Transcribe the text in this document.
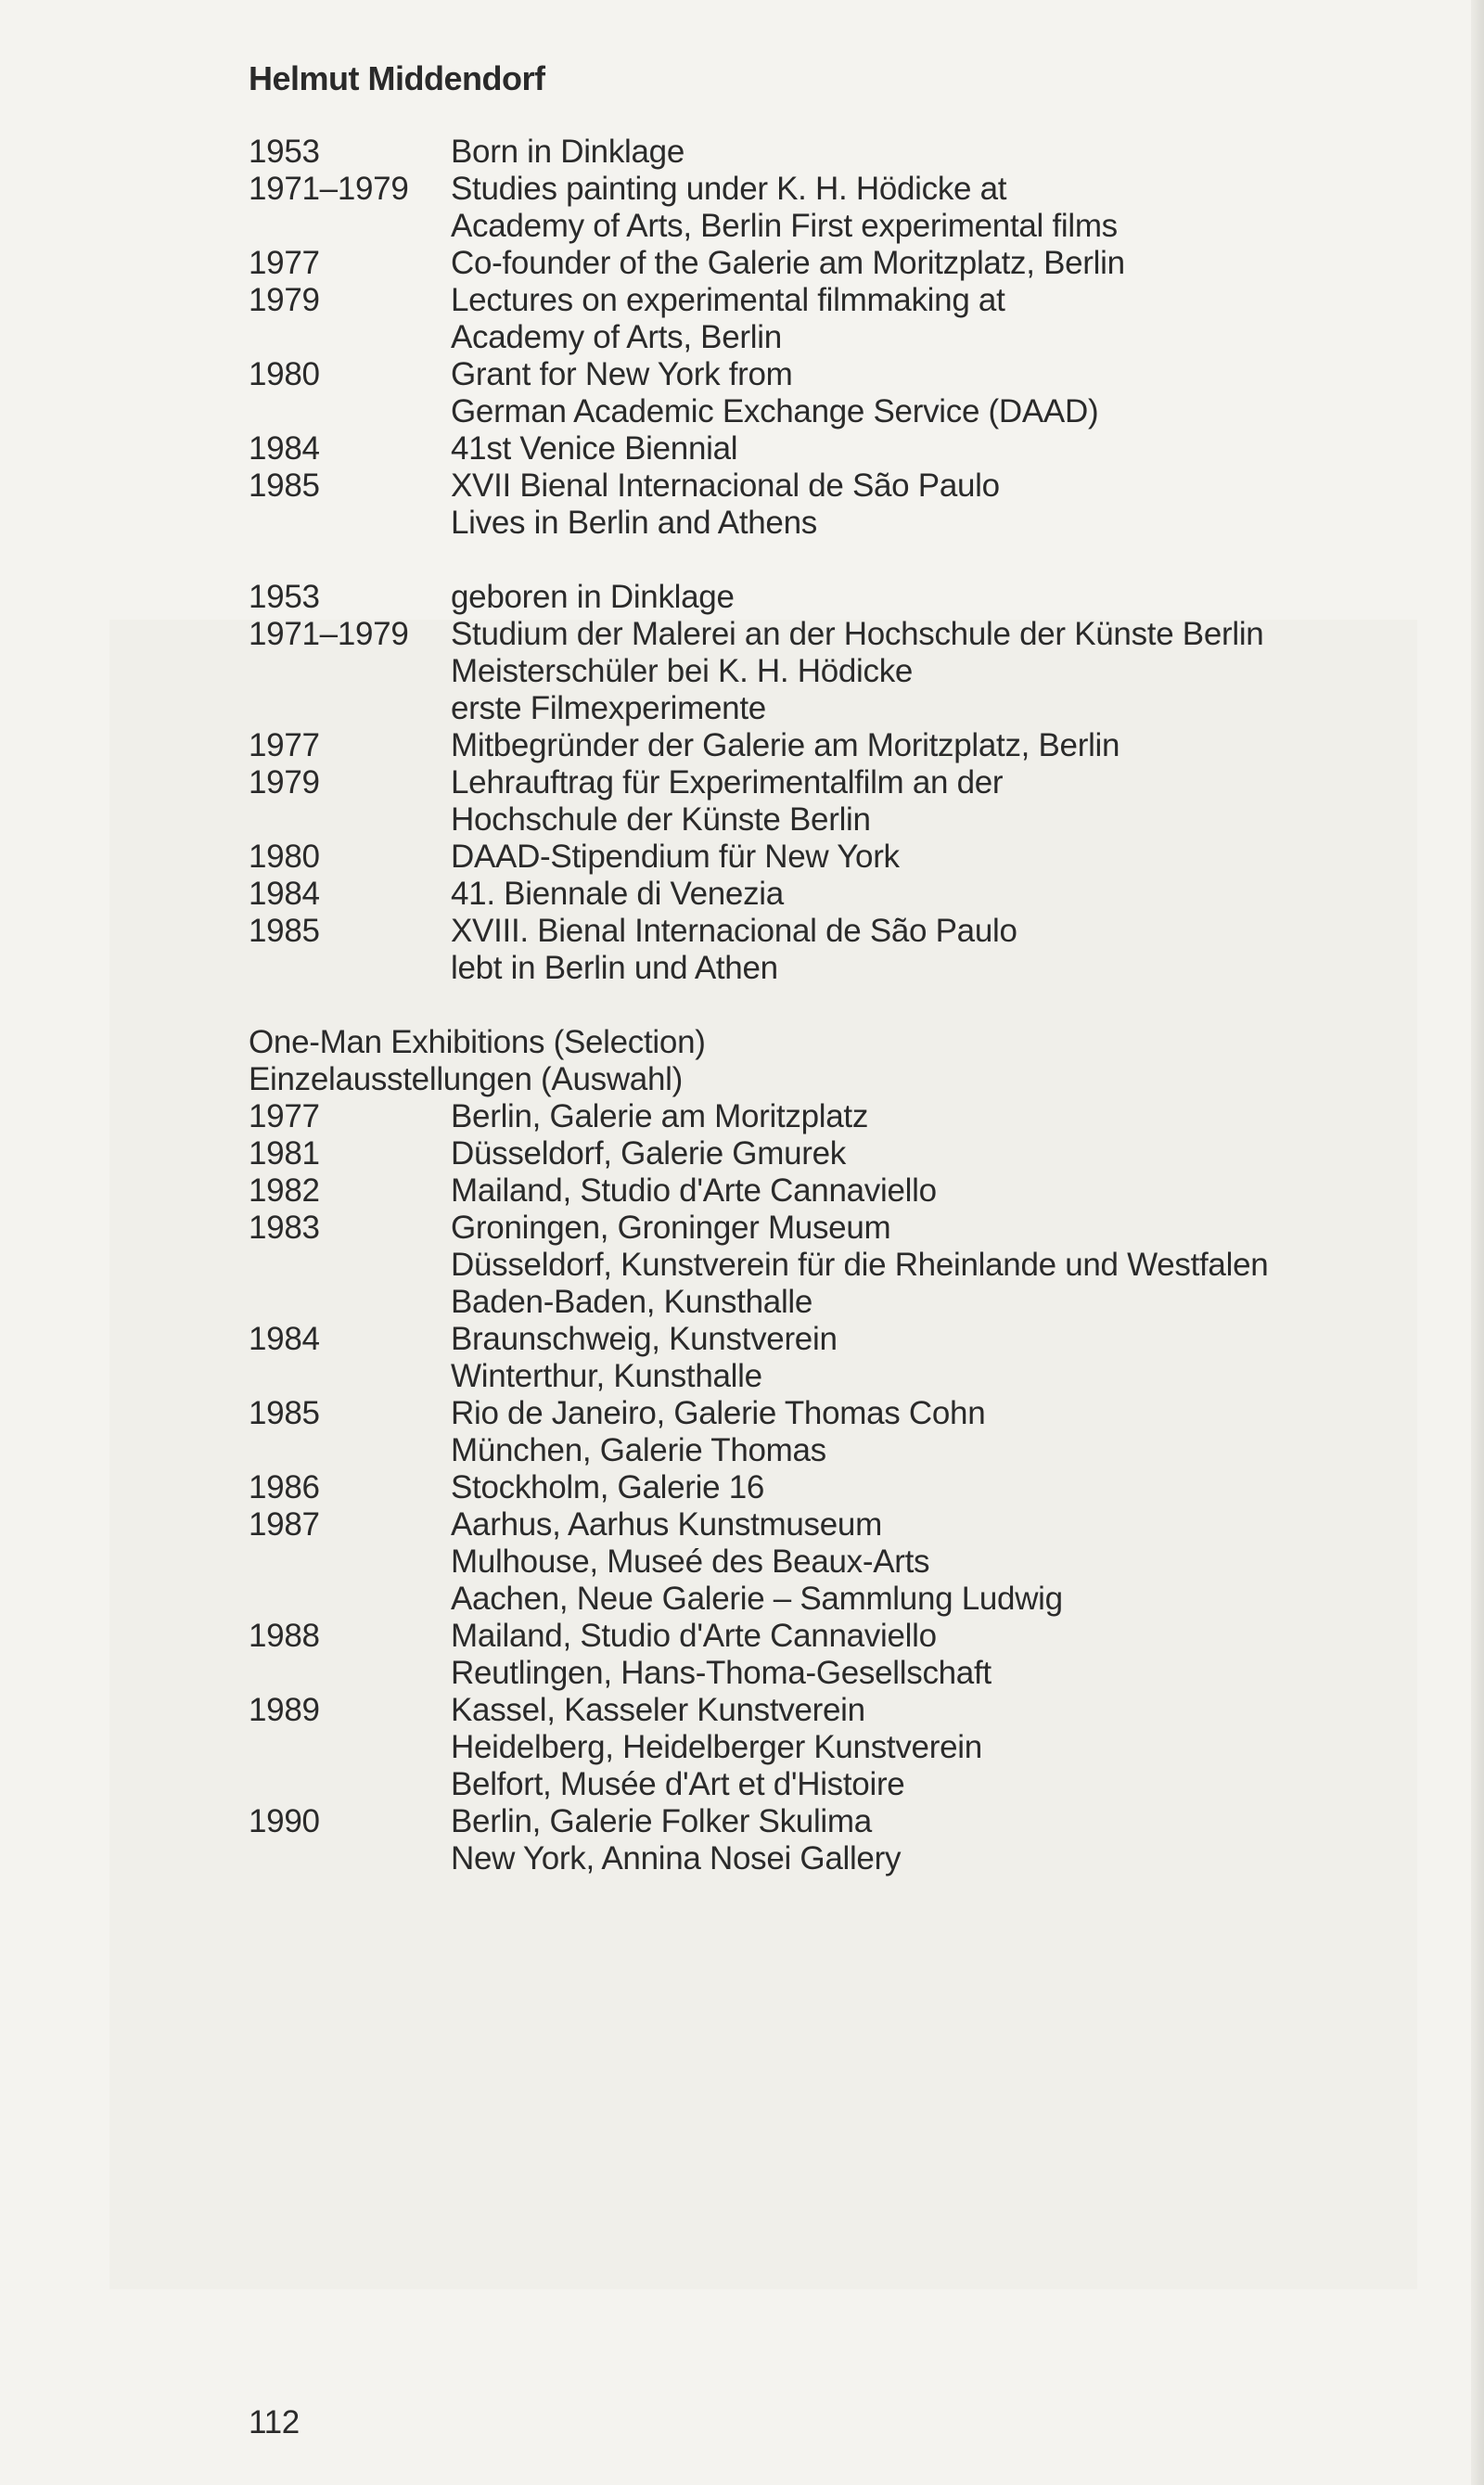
Helmut Middendorf
1953	Born in Dinklage
1971–1979	Studies painting under K. H. Hödicke at
Academy of Arts, Berlin First experimental films
1977	Co-founder of the Galerie am Moritzplatz, Berlin
1979	Lectures on experimental filmmaking at
Academy of Arts, Berlin
1980	Grant for New York from
German Academic Exchange Service (DAAD)
1984	41st Venice Biennial
1985	XVII Bienal Internacional de São Paulo
Lives in Berlin and Athens
1953	geboren in Dinklage
1971–1979	Studium der Malerei an der Hochschule der Künste Berlin
Meisterschüler bei K. H. Hödicke
erste Filmexperimente
1977	Mitbegründer der Galerie am Moritzplatz, Berlin
1979	Lehrauftrag für Experimentalfilm an der
Hochschule der Künste Berlin
1980	DAAD-Stipendium für New York
1984	41. Biennale di Venezia
1985	XVIII. Bienal Internacional de São Paulo
lebt in Berlin und Athen
One-Man Exhibitions (Selection)
Einzelausstellungen (Auswahl)
1977	Berlin, Galerie am Moritzplatz
1981	Düsseldorf, Galerie Gmurek
1982	Mailand, Studio d'Arte Cannaviello
1983	Groningen, Groninger Museum
Düsseldorf, Kunstverein für die Rheinlande und Westfalen
Baden-Baden, Kunsthalle
1984	Braunschweig, Kunstverein
Winterthur, Kunsthalle
1985	Rio de Janeiro, Galerie Thomas Cohn
München, Galerie Thomas
1986	Stockholm, Galerie 16
1987	Aarhus, Aarhus Kunstmuseum
Mulhouse, Museé des Beaux-Arts
Aachen, Neue Galerie – Sammlung Ludwig
1988	Mailand, Studio d'Arte Cannaviello
Reutlingen, Hans-Thoma-Gesellschaft
1989	Kassel, Kasseler Kunstverein
Heidelberg, Heidelberger Kunstverein
Belfort, Musée d'Art et d'Histoire
1990	Berlin, Galerie Folker Skulima
New York, Annina Nosei Gallery
112
